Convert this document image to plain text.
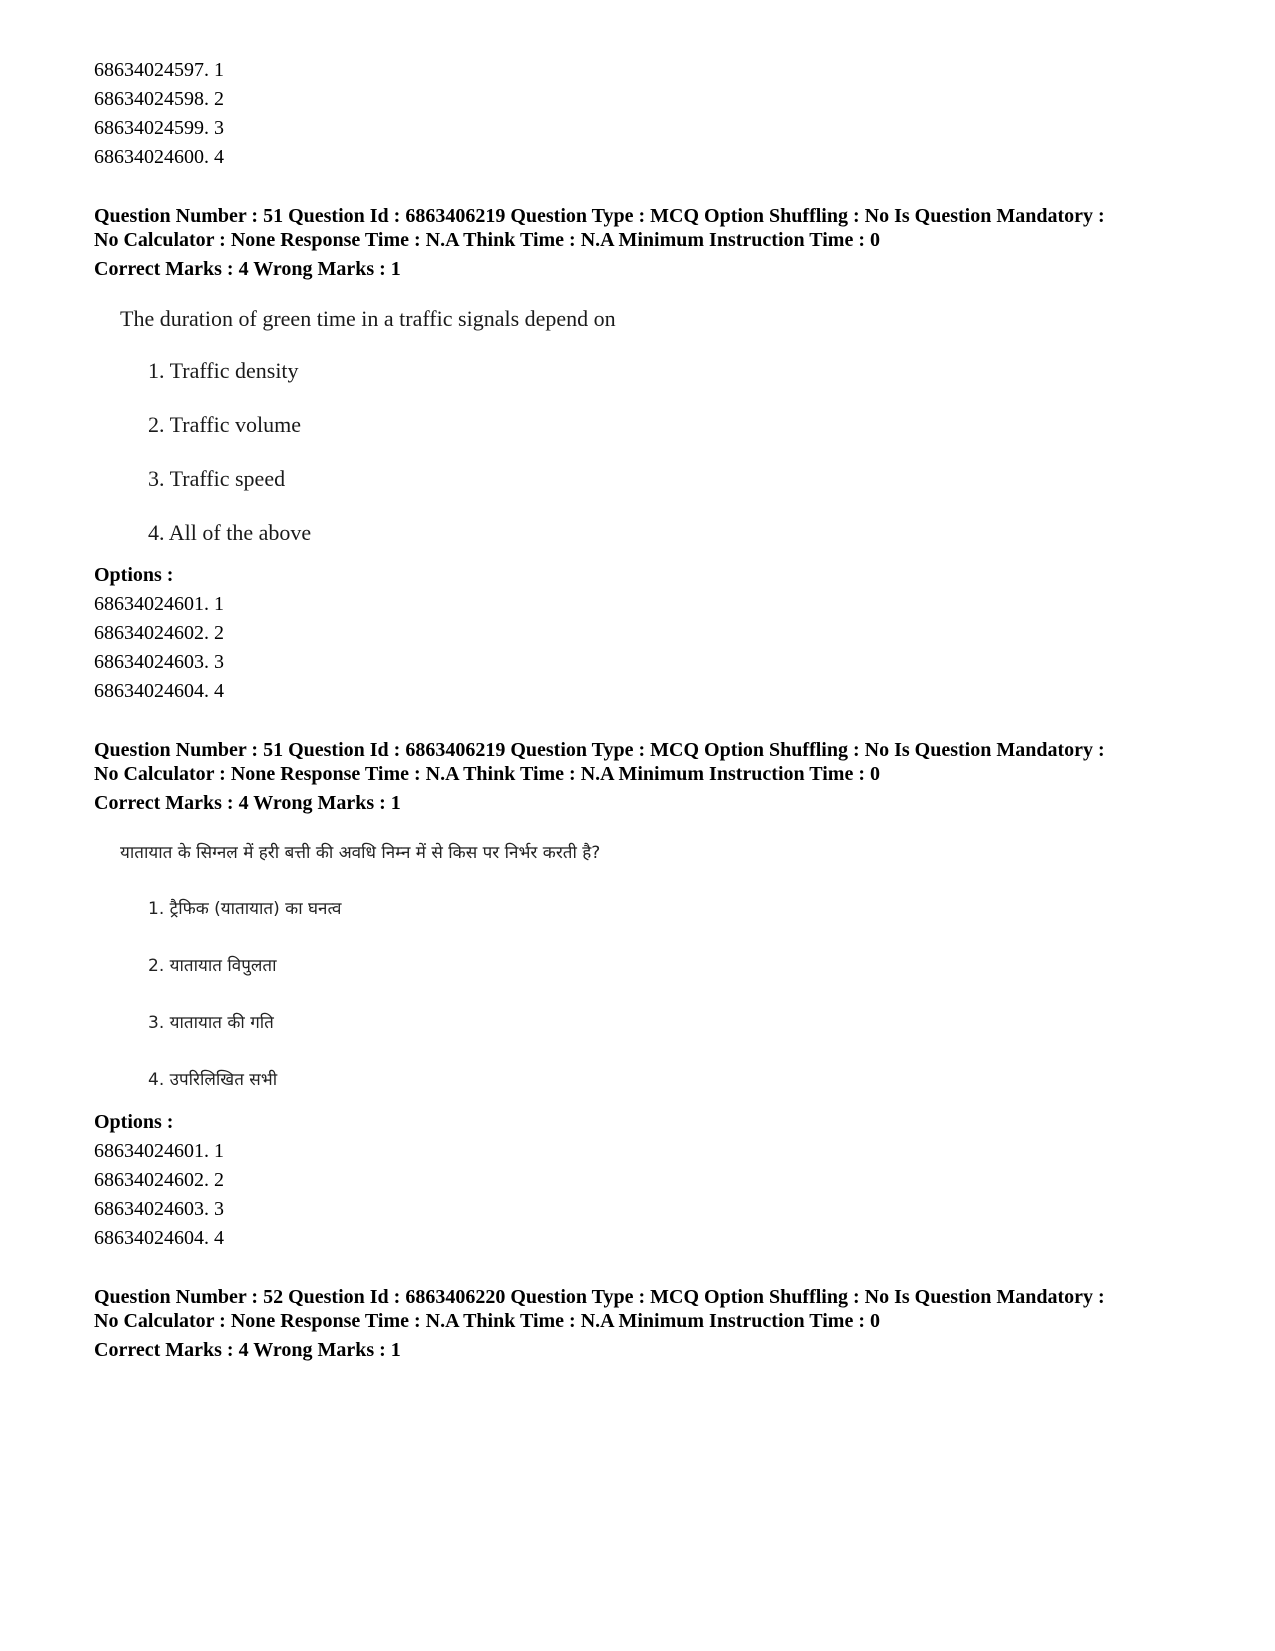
68634024597. 1
68634024598. 2
68634024599. 3
68634024600. 4
Question Number : 51 Question Id : 6863406219 Question Type : MCQ Option Shuffling : No Is Question Mandatory :
No Calculator : None Response Time : N.A Think Time : N.A Minimum Instruction Time : 0
Correct Marks : 4 Wrong Marks : 1
The duration of green time in a traffic signals depend on
1. Traffic density
2. Traffic volume
3. Traffic speed
4. All of the above
Options :
68634024601. 1
68634024602. 2
68634024603. 3
68634024604. 4
Question Number : 51 Question Id : 6863406219 Question Type : MCQ Option Shuffling : No Is Question Mandatory :
No Calculator : None Response Time : N.A Think Time : N.A Minimum Instruction Time : 0
Correct Marks : 4 Wrong Marks : 1
यातायात के सिग्नल में हरी बत्ती की अवधि निम्न में से किस पर निर्भर करती है?
1. ट्रैफिक (यातायात) का घनत्व
2. यातायात विपुलता
3. यातायात की गति
4. उपरिलिखित सभी
Options :
68634024601. 1
68634024602. 2
68634024603. 3
68634024604. 4
Question Number : 52 Question Id : 6863406220 Question Type : MCQ Option Shuffling : No Is Question Mandatory :
No Calculator : None Response Time : N.A Think Time : N.A Minimum Instruction Time : 0
Correct Marks : 4 Wrong Marks : 1
